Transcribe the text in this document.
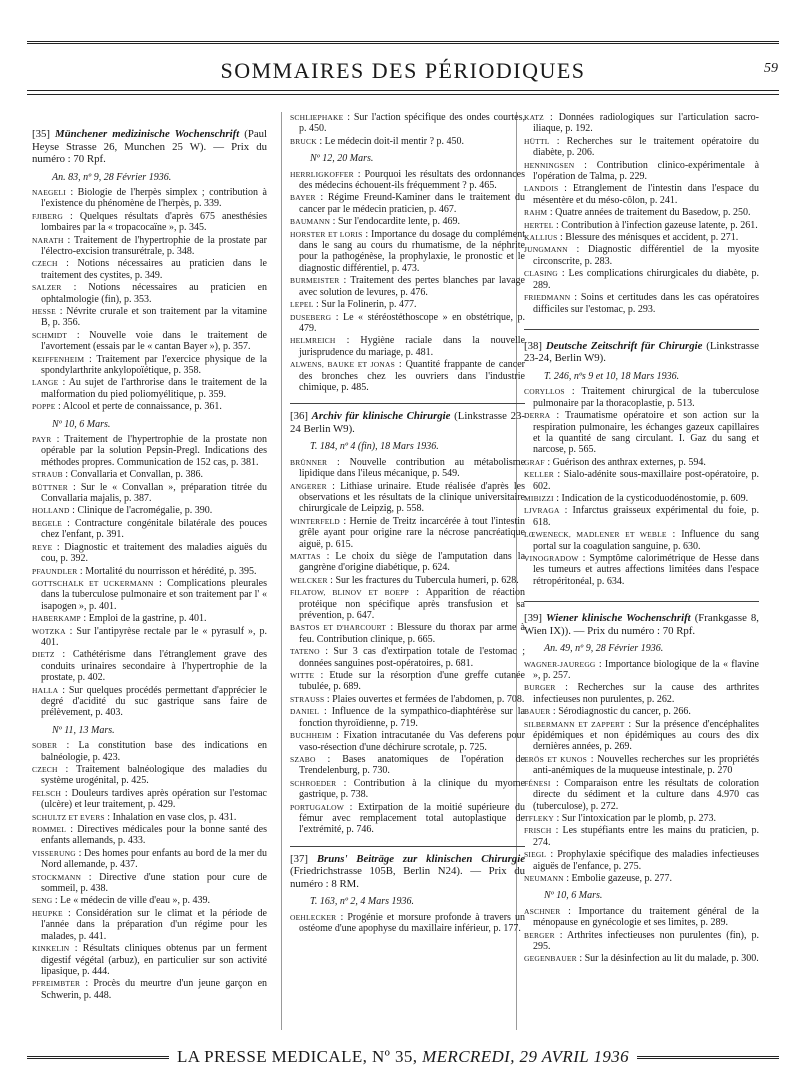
SOMMAIRES DES PÉRIODIQUES	59

[35] Münchener medizinische Wochenschrift (Paul Heyse Strasse 26, Munchen 25 W). — Prix du numéro : 70 Rpf.

An. 83, nº 9, 28 Février 1936.

NAEGELI : Biologie de l'herpès simplex ; contribution à l'existence du phénomène de l'herpès, p. 339.

FJIBERG : Quelques résultats d'après 675 anesthésies lombaires par la « tropacocaïne », p. 345.

NARATH : Traitement de l'hypertrophie de la prostate par l'électro-excision transurétrale, p. 348.

CZECH : Notions nécessaires au praticien dans le traitement des cystites, p. 349.

SALZER : Notions nécessaires au praticien en ophtalmologie (fin), p. 353.

HESSE : Névrite crurale et son traitement par la vitamine B, p. 356.

SCHMIDT : Nouvelle voie dans le traitement de l'avortement (essais par le « cantan Bayer »), p. 357.

KEIFFENHEIM : Traitement par l'exercice physique de la spondylarthrite ankylopoïétique, p. 358.

LANGE : Au sujet de l'arthrorise dans le traitement de la malformation du pied poliomyélitique, p. 359.

POPPE : Alcool et perte de connaissance, p. 361.

Nº 10, 6 Mars.

PAYR : Traitement de l'hypertrophie de la prostate non opérable par la solution Pepsin-Pregl. Indications des méthodes propres. Communication de 152 cas, p. 381.

STRAUB : Convallaria et Convallan, p. 386.

BÜTTNER : Sur le « Convallan », préparation titrée du Convallaria majalis, p. 387.

HOLLAND : Clinique de l'acromégalie, p. 390.

BEGELE : Contracture congénitale bilatérale des pouces chez l'enfant, p. 391.

REYE : Diagnostic et traitement des maladies aiguës du cou, p. 392.

PFAUNDLER : Mortalité du nourrisson et hérédité, p. 395.

GOTTSCHALK ET UCKERMANN : Complications pleurales dans la tuberculose pulmonaire et son traitement par l' « isapogen », p. 401.

HABERKAMP : Emploi de la gastrine, p. 401.

WOTZKA : Sur l'antipyrèse rectale par le « pyrasulf », p. 401.

DIETZ : Cathétérisme dans l'étranglement grave des conduits urinaires secondaire à l'hypertrophie de la prostate, p. 402.

HALLA : Sur quelques procédés permettant d'apprécier le degré d'acidité du suc gastrique sans faire de prélèvement, p. 403.

Nº 11, 13 Mars.

SOBER : La constitution base des indications en balnéologie, p. 423.

CZECH : Traitement balnéologique des maladies du système urogénital, p. 425.

FELSCH : Douleurs tardives après opération sur l'estomac (ulcère) et leur traitement, p. 429.

SCHULTZ ET EVERS : Inhalation en vase clos, p. 431.

ROMMEL : Directives médicales pour la bonne santé des enfants allemands, p. 433.

VISSERUNG : Des homes pour enfants au bord de la mer du Nord allemande, p. 437.

STOCKMANN : Directive d'une station pour cure de sommeil, p. 438.

SENG : Le « médecin de ville d'eau », p. 439.

HEUPKE : Considération sur le climat et la période de l'année dans la préparation d'un régime pour les malades, p. 441.

KINKELIN : Résultats cliniques obtenus par un ferment digestif végétal (arbuz), en particulier sur son activité lipasique, p. 444.

PFREIMBTER : Procès du meurtre d'un jeune garçon en Schwerin, p. 448.

SCHLIEPHAKE : Sur l'action spécifique des ondes courtes, p. 450.

BRUCK : Le médecin doit-il mentir ? p. 450.

Nº 12, 20 Mars.

HERRLIGKOFFER : Pourquoi les résultats des ordonnances des médecins échouent-ils fréquemment ? p. 465.

BAYER : Régime Freund-Kaminer dans le traitement du cancer par le médecin praticien, p. 467.

BAUMANN : Sur l'endocardite lente, p. 469.

HORSTER ET LORIS : Importance du dosage du complément dans le sang au cours du rhumatisme, de la néphrite pour la pathogénèse, la prophylaxie, le pronostic et le diagnostic différentiel, p. 473.

BURMEISTER : Traitement des pertes blanches par lavage avec solution de levures, p. 476.

LEPEL : Sur la Folinerin, p. 477.

DUSEBERG : Le « stéréostéthoscope » en obstétrique, p. 479.

HELMREICH : Hygiène raciale dans la nouvelle jurisprudence du mariage, p. 481.

ALWENS, BAUKE ET JONAS : Quantité frappante de cancer des bronches chez les ouvriers dans l'industrie chimique, p. 485.

[36] Archiv für klinische Chirurgie (Linkstrasse 23-24 Berlin W9).

T. 184, nº 4 (fin), 18 Mars 1936.

BRÜNNER : Nouvelle contribution au métabolisme lipidique dans l'ileus mécanique, p. 549.

ANGERER : Lithiase urinaire. Etude réalisée d'après les observations et les résultats de la clinique universitaire chirurgicale de Leipzig, p. 558.

WINTERFELD : Hernie de Treitz incarcérée à tout l'intestin grêle ayant pour origine rare la nécrose pancréatique aiguë, p. 615.

MATTAS : Le choix du siège de l'amputation dans la gangrène d'origine diabétique, p. 624.

WELCKER : Sur les fractures du Tubercula humeri, p. 628.

FILATOW, BLINOV ET BOEPP : Apparition de réaction protéique non spécifique après transfusion et sa prévention, p. 647.

BASTOS ET D'HARCOURT : Blessure du thorax par arme à feu. Contribution clinique, p. 665.

TATENO : Sur 3 cas d'extirpation totale de l'estomac ; données sanguines post-opératoires, p. 681.

WITTE : Etude sur la résorption d'une greffe cutanée tubulée, p. 689.

STRAUSS : Plaies ouvertes et fermées de l'abdomen, p. 708.

DANIEL : Influence de la sympathico-diaphtérèse sur la fonction thyroïdienne, p. 719.

BUCHHEIM : Fixation intracutanée du Vas deferens pour vaso-résection d'une déchirure scrotale, p. 725.

SZABO : Bases anatomiques de l'opération de Trendelenburg, p. 730.

SCHROEDER : Contribution à la clinique du myome gastrique, p. 738.

PORTUGALOW : Extirpation de la moitié supérieure du fémur avec remplacement total autoplastique de l'extrémité, p. 746.

[37] Bruns' Beiträge zur klinischen Chirurgie (Friedrichstrasse 105B, Berlin N24). — Prix du numéro : 8 RM.

T. 163, nº 2, 4 Mars 1936.

OEHLECKER : Progénie et morsure profonde à travers un ostéome d'une apophyse du maxillaire inférieur, p. 177.

KATZ : Données radiologiques sur l'articulation sacro-iliaque, p. 192.

HÜTTL : Recherches sur le traitement opératoire du diabète, p. 206.

HENNINGSEN : Contribution clinico-expérimentale à l'opération de Talma, p. 229.

LANDOIS : Etranglement de l'intestin dans l'espace du mésentère et du méso-côlon, p. 241.

RAHM : Quatre années de traitement du Basedow, p. 250.

HERTEL : Contribution à l'infection gazeuse latente, p. 261.

KALLIUS : Blessure des ménisques et accident, p. 271.

JUNGMANN : Diagnostic différentiel de la myosite circonscrite, p. 283.

CLASING : Les complications chirurgicales du diabète, p. 289.

FRIEDMANN : Soins et certitudes dans les cas opératoires difficiles sur l'estomac, p. 293.

[38] Deutsche Zeitschrift für Chirurgie (Linkstrasse 23-24, Berlin W9).

T. 246, nºs 9 et 10, 18 Mars 1936.

CORYLLOS : Traitement chirurgical de la tuberculose pulmonaire par la thoracoplastie, p. 513.

DERRA : Traumatisme opératoire et son action sur la respiration pulmonaire, les échanges gazeux capillaires et la quantité de sang circulant. I. Gaz du sang et narcose, p. 565.

GRAF : Guérison des anthrax externes, p. 594.

KELLER : Sialo-adénite sous-maxillaire post-opératoire, p. 602.

MIBIZZI : Indication de la cysticoduodénostomie, p. 609.

LJVRAGA : Infarctus graisseux expérimental du foie, p. 618.

LŒWENECK, MADLENER ET WEBLE : Influence du sang portal sur la coagulation sanguine, p. 630.

VINOGRADOW : Symptôme calorimétrique de Hesse dans les tumeurs et autres affections limitées dans l'espace rétropéritonéal, p. 634.

[39] Wiener klinische Wochenschrift (Frankgasse 8, Wien IX)). — Prix du numéro : 70 Rpf.

An. 49, nº 9, 28 Février 1936.

WAGNER-JAUREGG : Importance biologique de la « flavine », p. 257.

BURGER : Recherches sur la cause des arthrites infectieuses non purulentes, p. 262.

BAUER : Sérodiagnostic du cancer, p. 266.

SILBERMANN ET ZAPPERT : Sur la présence d'encéphalites épidémiques et non épidémiques au cours des dix dernières années, p. 269.

ERÖS ET KUNOS : Nouvelles recherches sur les propriétés anti-anémiques de la muqueuse intestinale, p. 270

FÉNESI : Comparaison entre les résultats de coloration directe du sédiment et la culture dans 4.970 cas (tuberculose), p. 272.

TFLEKY : Sur l'intoxication par le plomb, p. 273.

FRISCH : Les stupéfiants entre les mains du praticien, p. 274.

SIEGL : Prophylaxie spécifique des maladies infectieuses aiguës de l'enfance, p. 275.

NEUMANN : Embolie gazeuse, p. 277.

Nº 10, 6 Mars.

ASCHNER : Importance du traitement général de la ménopause en gynécologie et ses limites, p. 289.

BERGER : Arthrites infectieuses non purulentes (fin), p. 295.

GEGENBAUER : Sur la désinfection au lit du malade, p. 300.

LA PRESSE MEDICALE, Nº 35, MERCREDI, 29 AVRIL 1936
